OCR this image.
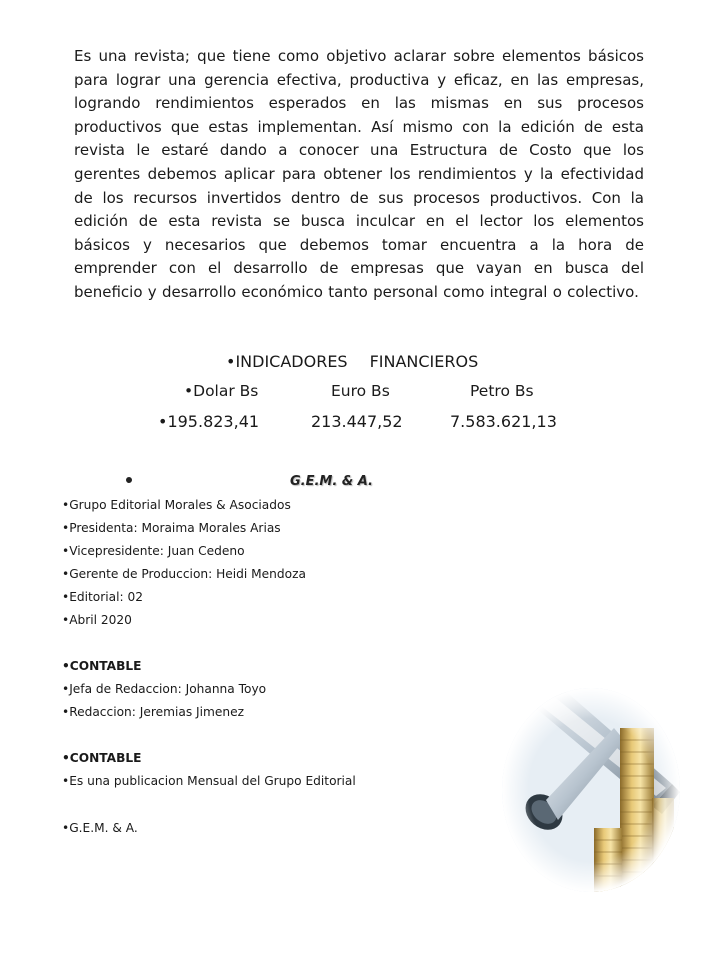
Es una revista; que tiene como objetivo aclarar sobre elementos básicos para lograr una gerencia efectiva, productiva y eficaz, en las empresas, logrando rendimientos esperados en las mismas en sus procesos productivos que estas implementan. Así mismo con la edición de esta revista le estaré dando a conocer una Estructura de Costo que los gerentes debemos aplicar para obtener los rendimientos y la efectividad de los recursos invertidos dentro de sus procesos productivos. Con la edición de esta revista se busca inculcar en el lector los elementos básicos y necesarios que debemos tomar encuentra a la hora de emprender con el desarrollo de empresas que vayan en busca del beneficio y desarrollo económico tanto personal como integral o colectivo.

•INDICADORES FINANCIEROS
•Dolar Bs	Euro Bs	Petro Bs
•195.823,41	213.447,52	7.583.621,13
G.E.M. & A.
•Grupo Editorial Morales & Asociados
•Presidenta: Moraima Morales Arias
•Vicepresidente: Juan Cedeno
•Gerente de Produccion: Heidi Mendoza
•Editorial: 02
•Abril 2020
•CONTABLE
•Jefa de Redaccion: Johanna Toyo
•Redaccion: Jeremias Jimenez
•CONTABLE
•Es una publicacion Mensual del Grupo Editorial
•G.E.M. & A.
